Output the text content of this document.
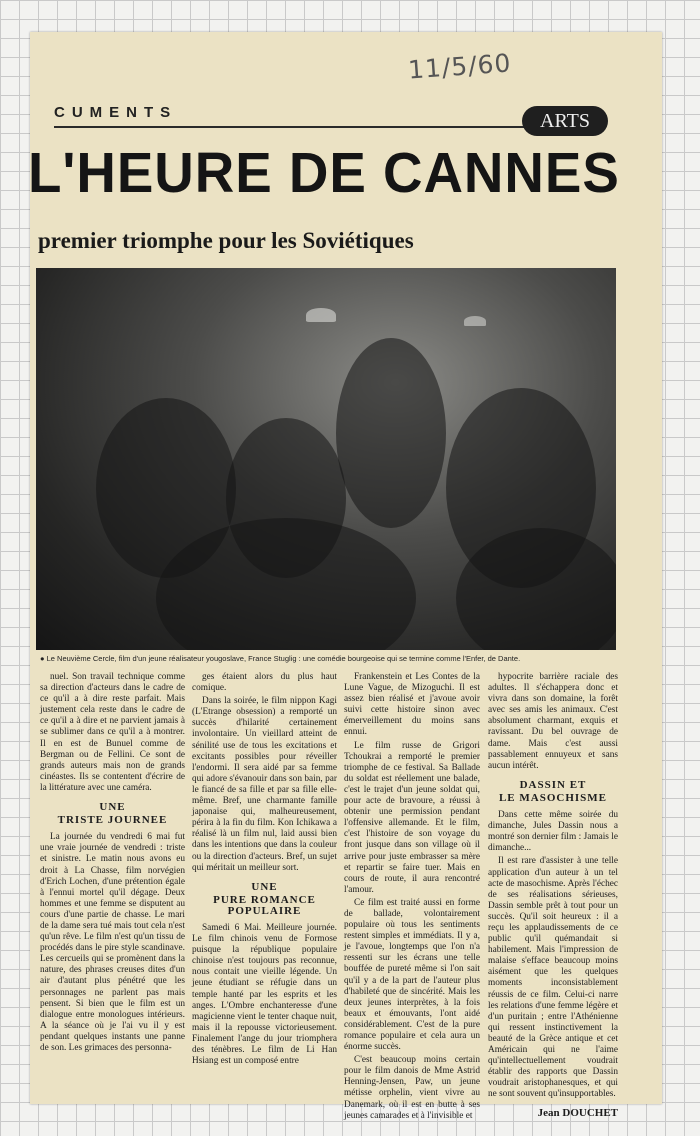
11/5/60
CUMENTS	ARTS
L'HEURE DE CANNES
premier triomphe pour les Soviétiques
● Le Neuvième Cercle, film d'un jeune réalisateur yougoslave, France Stuglig : une comédie bourgeoise qui se termine comme l'Enfer, de Dante.

nuel. Son travail technique comme sa direction d'acteurs dans le cadre de ce qu'il a à dire reste parfait. Mais justement cela reste dans le cadre de ce qu'il a à dire et ne parvient jamais à se sublimer dans ce qu'il a à montrer. Il en est de Bunuel comme de Bergman ou de Fellini. Ce sont de grands auteurs mais non de grands cinéastes. Ils se contentent d'écrire de la littérature avec une caméra.

UNE
TRISTE JOURNEE

La journée du vendredi 6 mai fut une vraie journée de vendredi : triste et sinistre. Le matin nous avons eu droit à La Chasse, film norvégien d'Erich Lochen, d'une prétention égale à l'ennui mortel qu'il dégage. Deux hommes et une femme se disputent au cours d'une partie de chasse. Le mari de la dame sera tué mais tout cela n'est qu'un rêve. Le film n'est qu'un tissu de procédés dans le pire style scandinave. Les cercueils qui se promènent dans la nature, des phrases creuses dites d'un air d'autant plus pénétré que les personnages ne parlent pas mais pensent. Si bien que le film est un dialogue entre monologues intérieurs. A la séance où je l'ai vu il y est pendant quelques instants une panne de son. Les grimaces des personna-

ges étaient alors du plus haut comique.

Dans la soirée, le film nippon Kagi (L'Etrange obsession) a remporté un succès d'hilarité certainement involontaire. Un vieillard atteint de sénilité use de tous les excitations et excitants possibles pour réveiller l'endormi. Il sera aidé par sa femme qui adore s'évanouir dans son bain, par le fiancé de sa fille et par sa fille elle-même. Bref, une charmante famille japonaise qui, malheureusement, périra à la fin du film. Kon Ichikawa a réalisé là un film nul, laid aussi bien dans les intentions que dans la couleur ou la direction d'acteurs. Bref, un sujet qui méritait un meilleur sort.

UNE
PURE ROMANCE POPULAIRE

Samedi 6 Mai. Meilleure journée. Le film chinois venu de Formose puisque la république populaire chinoise n'est toujours pas reconnue, nous contait une vieille légende. Un jeune étudiant se réfugie dans un temple hanté par les esprits et les anges. L'Ombre enchanteresse d'une magicienne vient le tenter chaque nuit, mais il la repousse victorieusement. Finalement l'ange du jour triomphera des ténèbres. Le film de Li Han Hsiang est un composé entre

Frankenstein et Les Contes de la Lune Vague, de Mizoguchi. Il est assez bien réalisé et j'avoue avoir suivi cette histoire sinon avec émerveillement du moins sans ennui.

Le film russe de Grigori Tchoukrai a remporté le premier triomphe de ce festival. Sa Ballade du soldat est réellement une balade, c'est le trajet d'un jeune soldat qui, pour acte de bravoure, a réussi à obtenir une permission pendant l'offensive allemande. Et le film, c'est l'histoire de son voyage du front jusque dans son village où il arrive pour juste embrasser sa mère et repartir se faire tuer. Mais en cours de route, il aura rencontré l'amour.

Ce film est traité aussi en forme de ballade, volontairement populaire où tous les sentiments restent simples et immédiats. Il y a, je l'avoue, longtemps que l'on n'a ressenti sur les écrans une telle bouffée de pureté même si l'on sait qu'il y a de la part de l'auteur plus d'habileté que de sincérité. Mais les deux jeunes interprètes, à la fois beaux et émouvants, l'ont aidé considérablement. C'est de la pure romance populaire et cela aura un énorme succès.

C'est beaucoup moins certain pour le film danois de Mme Astrid Henning-Jensen, Paw, un jeune métisse orphelin, vient vivre au Danemark, où il est en butte à ses jeunes camarades et à l'invisible et

hypocrite barrière raciale des adultes. Il s'échappera donc et vivra dans son domaine, la forêt avec ses amis les animaux. C'est absolument charmant, exquis et ravissant. Du bel ouvrage de dame. Mais c'est aussi passablement ennuyeux et sans aucun intérêt.

DASSIN ET
LE MASOCHISME

Dans cette même soirée du dimanche, Jules Dassin nous a montré son dernier film : Jamais le dimanche...

Il est rare d'assister à une telle application d'un auteur à un tel acte de masochisme. Après l'échec de ses réalisations sérieuses, Dassin semble prêt à tout pour un succès. Qu'il soit heureux : il a reçu les applaudissements de ce public qu'il quémandait si habilement. Mais l'impression de malaise s'efface beaucoup moins aisément que les quelques moments inconsistablement réussis de ce film. Celui-ci narre les relations d'une femme légère et d'un puritain ; entre l'Athénienne qui ressent instinctivement la beauté de la Grèce antique et cet Américain qui ne l'aime qu'intellectuellement voudrait établir des rapports que Dassin voudrait aristophanesques, et qui ne sont souvent qu'insupportables.

Jean DOUCHET
